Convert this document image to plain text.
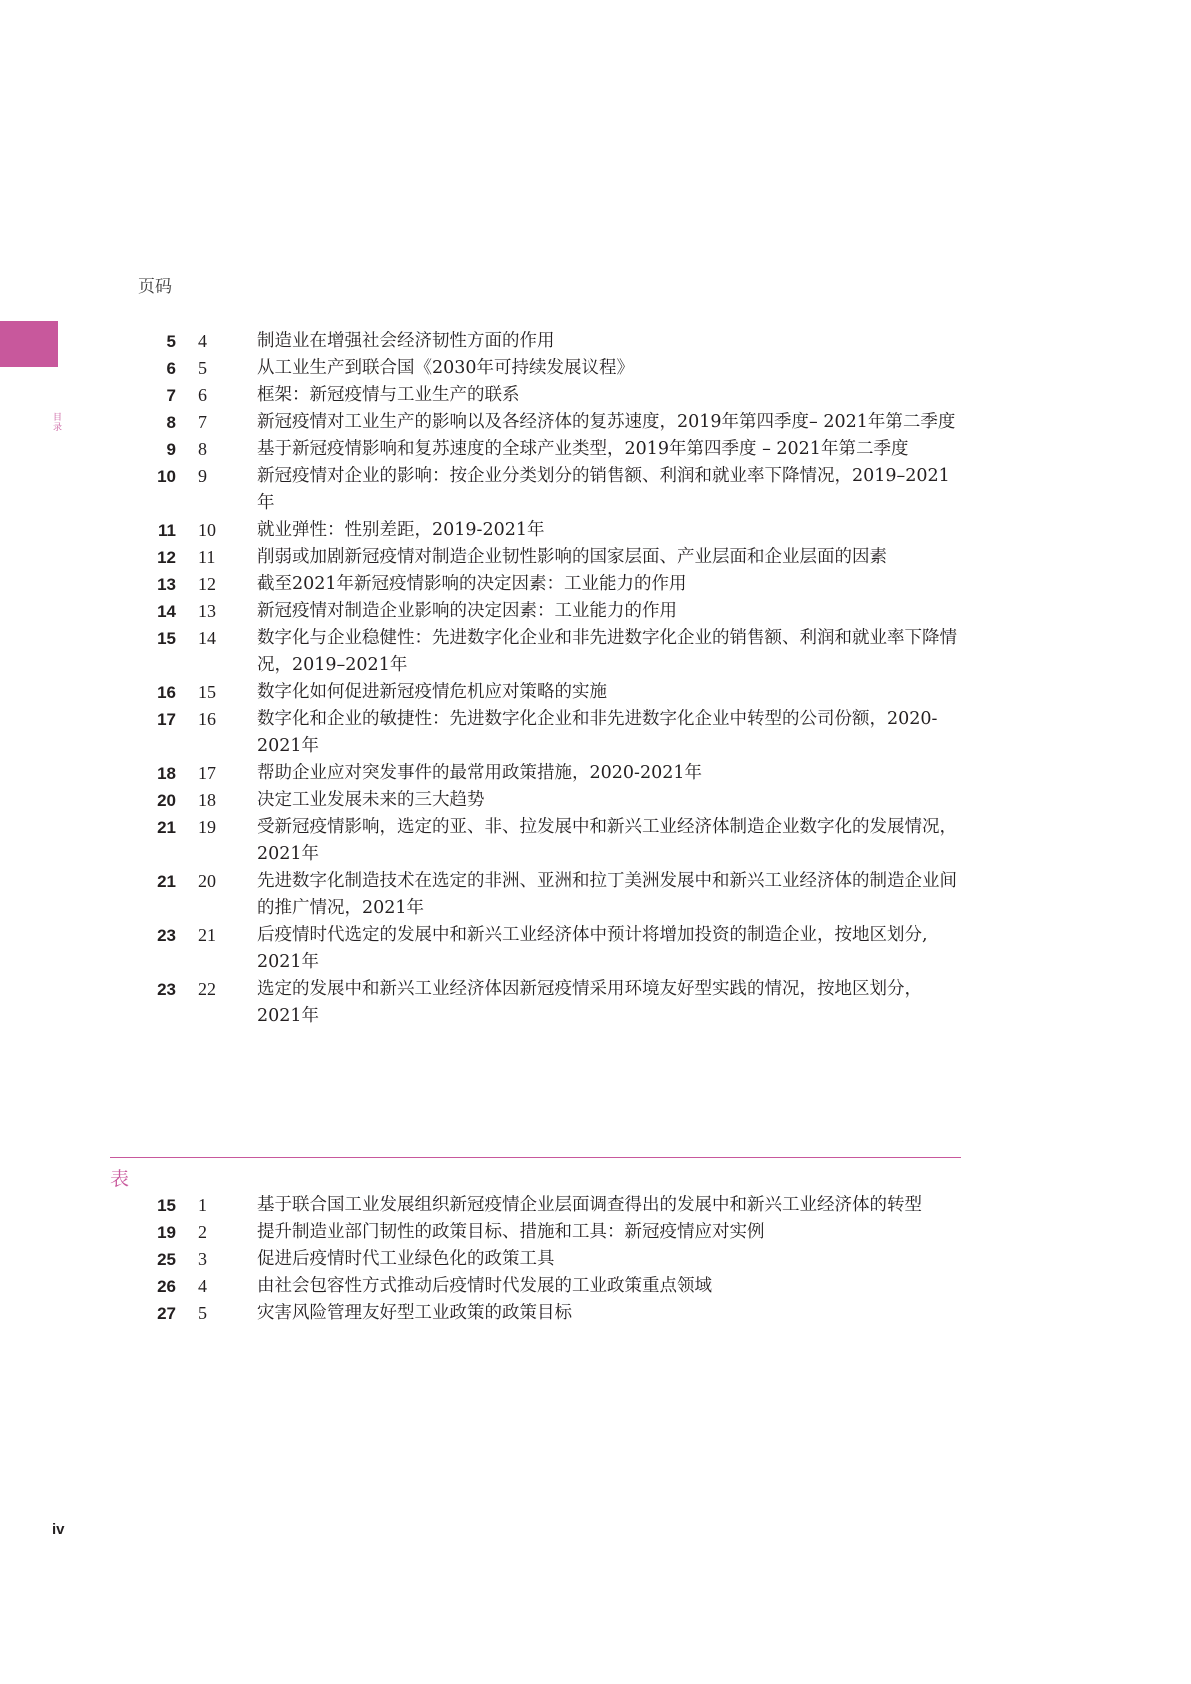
页码
目录
5 4	制造业在增强社会经济韧性方面的作用
6 5	从工业生产到联合国《2030年可持续发展议程》
7 6	框架：新冠疫情与工业生产的联系
8 7	新冠疫情对工业生产的影响以及各经济体的复苏速度，2019年第四季度– 2021年第二季度
9 8	基于新冠疫情影响和复苏速度的全球产业类型，2019年第四季度 – 2021年第二季度
10 9	新冠疫情对企业的影响：按企业分类划分的销售额、利润和就业率下降情况，2019–2021年
11 10	就业弹性：性别差距，2019-2021年
12 11	削弱或加剧新冠疫情对制造企业韧性影响的国家层面、产业层面和企业层面的因素
13 12	截至2021年新冠疫情影响的决定因素：工业能力的作用
14 13	新冠疫情对制造企业影响的决定因素：工业能力的作用
15 14	数字化与企业稳健性：先进数字化企业和非先进数字化企业的销售额、利润和就业率下降情况，2019–2021年
16 15	数字化如何促进新冠疫情危机应对策略的实施
17 16	数字化和企业的敏捷性：先进数字化企业和非先进数字化企业中转型的公司份额，2020-2021年
18 17	帮助企业应对突发事件的最常用政策措施，2020-2021年
20 18	决定工业发展未来的三大趋势
21 19	受新冠疫情影响，选定的亚、非、拉发展中和新兴工业经济体制造企业数字化的发展情况，2021年
21 20	先进数字化制造技术在选定的非洲、亚洲和拉丁美洲发展中和新兴工业经济体的制造企业间的推广情况，2021年
23 21	后疫情时代选定的发展中和新兴工业经济体中预计将增加投资的制造企业，按地区划分, 2021年
23 22	选定的发展中和新兴工业经济体因新冠疫情采用环境友好型实践的情况，按地区划分，2021年
表
15 1	基于联合国工业发展组织新冠疫情企业层面调查得出的发展中和新兴工业经济体的转型
19 2	提升制造业部门韧性的政策目标、措施和工具：新冠疫情应对实例
25 3	促进后疫情时代工业绿色化的政策工具
26 4	由社会包容性方式推动后疫情时代发展的工业政策重点领域
27 5	灾害风险管理友好型工业政策的政策目标
iv
